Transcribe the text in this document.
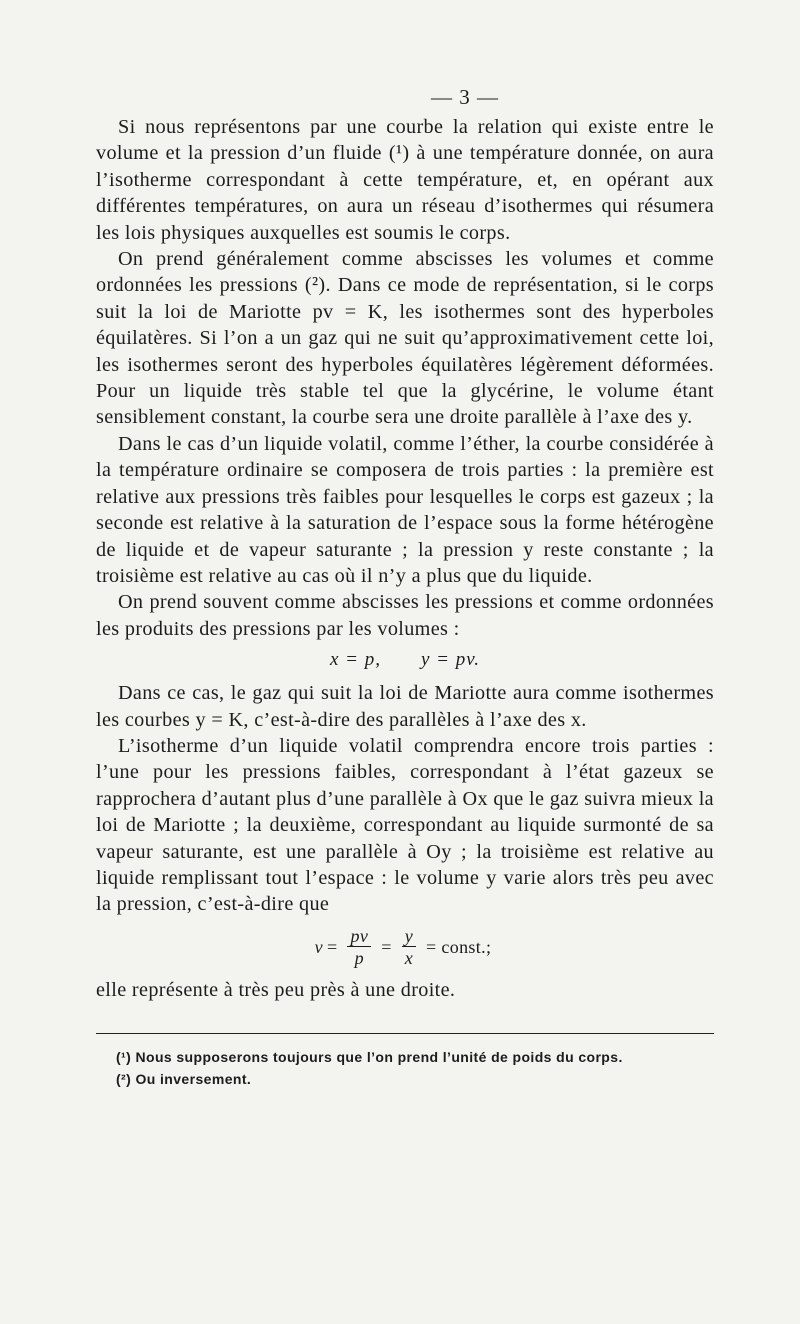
— 3 —

Si nous représentons par une courbe la relation qui existe entre le volume et la pression d’un fluide (¹) à une température donnée, on aura l’isotherme correspondant à cette température, et, en opérant aux différentes températures, on aura un réseau d’isothermes qui résumera les lois physiques auxquelles est soumis le corps.

On prend généralement comme abscisses les volumes et comme ordonnées les pressions (²). Dans ce mode de représentation, si le corps suit la loi de Mariotte pv = K, les isothermes sont des hyperboles équilatères. Si l’on a un gaz qui ne suit qu’approximativement cette loi, les isothermes seront des hyperboles équilatères légèrement déformées. Pour un liquide très stable tel que la glycérine, le volume étant sensiblement constant, la courbe sera une droite parallèle à l’axe des y.

Dans le cas d’un liquide volatil, comme l’éther, la courbe considérée à la température ordinaire se composera de trois parties : la première est relative aux pressions très faibles pour lesquelles le corps est gazeux ; la seconde est relative à la saturation de l’espace sous la forme hétérogène de liquide et de vapeur saturante ; la pression y reste constante ; la troisième est relative au cas où il n’y a plus que du liquide.

On prend souvent comme abscisses les pressions et comme ordonnées les produits des pressions par les volumes :

x = p, y = pv.

Dans ce cas, le gaz qui suit la loi de Mariotte aura comme isothermes les courbes y = K, c’est-à-dire des parallèles à l’axe des x.

L’isotherme d’un liquide volatil comprendra encore trois parties : l’une pour les pressions faibles, correspondant à l’état gazeux se rapprochera d’autant plus d’une parallèle à Ox que le gaz suivra mieux la loi de Mariotte ; la deuxième, correspondant au liquide surmonté de sa vapeur saturante, est une parallèle à Oy ; la troisième est relative au liquide remplissant tout l’espace : le volume y varie alors très peu avec la pression, c’est-à-dire que

$v = \frac{pv}{p} = \frac{y}{x}$ = const.;

elle représente à très peu près à une droite.

(¹) Nous supposerons toujours que l’on prend l’unité de poids du corps.
(²) Ou inversement.
